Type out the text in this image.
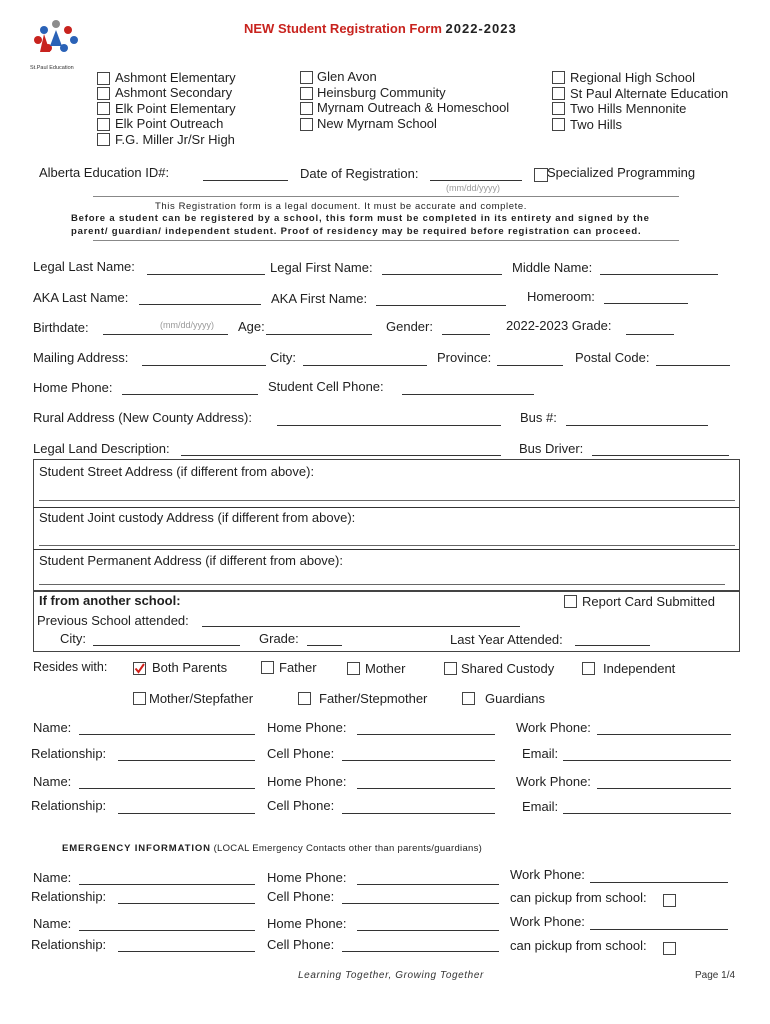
St.Paul Education
NEW Student Registration Form 2022-2023
Ashmont Elementary
Ashmont Secondary
Elk Point Elementary
Elk Point Outreach
F.G. Miller Jr/Sr High
Glen Avon
Heinsburg Community
Myrnam Outreach & Homeschool
New Myrnam School
Regional High School
St Paul Alternate Education
Two Hills Mennonite
Two Hills
Alberta Education ID#:	Date of Registration:	Specialized Programming
(mm/dd/yyyy)
This Registration form is a legal document. It must be accurate and complete.
Before a student can be registered by a school, this form must be completed in its entirety and signed by the
parent/ guardian/ independent student. Proof of residency may be required before registration can proceed.
Legal Last Name:	Legal First Name:	Middle Name:
AKA Last Name:	AKA First Name:	Homeroom:
Birthdate:	(mm/dd/yyyy) Age:	Gender:	2022-2023 Grade:
Mailing Address:	City:	Province:	Postal Code:
Home Phone:	Student Cell Phone:
Rural Address (New County Address):	Bus #:
Legal Land Description:	Bus Driver:
Student Street Address (if different from above):
Student Joint custody Address (if different from above):
Student Permanent Address (if different from above):
If from another school:	Report Card Submitted
Previous School attended:
City:	Grade:	Last Year Attended:
Resides with:	Both Parents	Father	Mother	Shared Custody	Independent
Mother/Stepfather	Father/Stepmother	Guardians
Name:	Home Phone:	Work Phone:
Relationship:	Cell Phone:	Email:
Name:	Home Phone:	Work Phone:
Relationship:	Cell Phone:	Email:
EMERGENCY INFORMATION (LOCAL Emergency Contacts other than parents/guardians)
Name:	Home Phone:	Work Phone:
Relationship:	Cell Phone:	can pickup from school:
Name:	Home Phone:	Work Phone:
Relationship:	Cell Phone:	can pickup from school:
Learning Together, Growing Together	Page 1/4
